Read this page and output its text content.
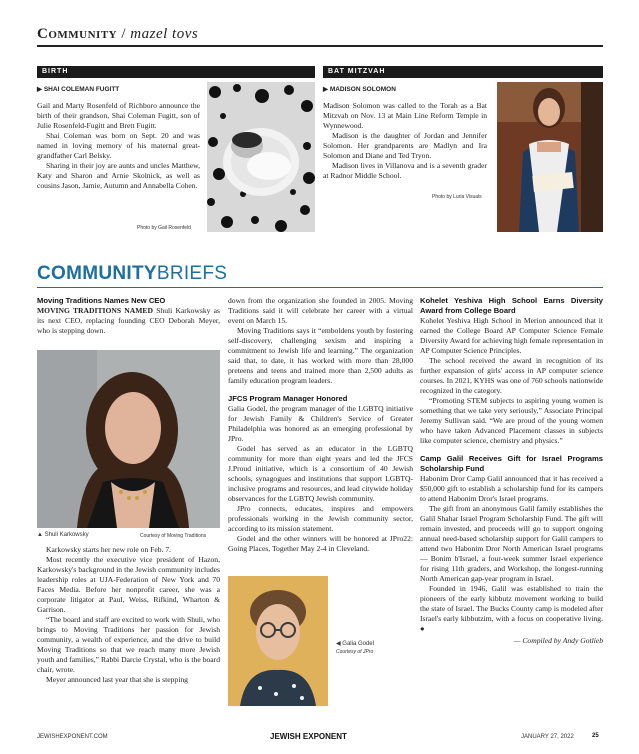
Community / mazel tovs
BIRTH
▶ SHAI COLEMAN FUGITT

Gail and Marty Rosenfeld of Richboro announce the birth of their grandson, Shai Coleman Fugitt, son of Julie Rosenfeld-Fugitt and Brett Fugitt.

Shai Coleman was born on Sept. 20 and was named in loving memory of his maternal great-grandfather Carl Belsky.

Sharing in their joy are aunts and uncles Matthew, Katy and Sharon and Arnie Skolnick, as well as cousins Jason, Jamie, Autumn and Annabella Cohen.

Photo by Gail Rosenfeld
BAT MITZVAH
▶ MADISON SOLOMON

Madison Solomon was called to the Torah as a Bat Mitzvah on Nov. 13 at Main Line Reform Temple in Wynnewood.

Madison is the daughter of Jordan and Jennifer Solomon. Her grandparents are Madlyn and Ira Solomon and Diane and Ted Tryon.

Madison lives in Villanova and is a seventh grader at Radnor Middle School.

Photo by Luria Visuals
COMMUNITYBRIEFS
Moving Traditions Names New CEO

MOVING TRADITIONS NAMED Shuli Karkowsky as its next CEO, replacing founding CEO Deborah Meyer, who is stepping down.

▲ Shuli Karkowsky	Courtesy of Moving Traditions

Karkowsky starts her new role on Feb. 7.

Most recently the executive vice president of Hazon, Karkowsky's background in the Jewish community includes leadership roles at UJA-Federation of New York and 70 Faces Media. Before her nonprofit career, she was a corporate litigator at Paul, Weiss, Rifkind, Wharton & Garrison.

“The board and staff are excited to work with Shuli, who brings to Moving Traditions her passion for Jewish community, a wealth of experience, and the drive to build Moving Traditions so that we reach many more Jewish youth and families,” Rabbi Darcie Crystal, who is the board chair, wrote.

Meyer announced last year that she is stepping

down from the organization she founded in 2005. Moving Traditions said it will celebrate her career with a virtual event on March 15.

Moving Traditions says it “emboldens youth by fostering self-discovery, challenging sexism and inspiring a commitment to Jewish life and learning.” The organization said that, to date, it has worked with more than 28,000 preteens and teens and trained more than 2,500 adults as family education program leaders.

JFCS Program Manager Honored

Galia Godel, the program manager of the LGBTQ initiative for Jewish Family & Children's Service of Greater Philadelphia was honored as an emerging professional by JPro.

Godel has served as an educator in the LGBTQ community for more than eight years and led the JFCS J.Proud initiative, which is a consortium of 40 Jewish schools, synagogues and institutions that support LGBTQ-inclusive programs and resources, and lead citywide holiday observances for the LGBTQ Jewish community.

JPro connects, educates, inspires and empowers professionals working in the Jewish community sector, according to its mission statement.

Godel and the other winners will be honored at JPro22: Going Places, Together May 2-4 in Cleveland.

◀ Galia Godel
Courtesy of JPro
Kohelet Yeshiva High School Earns Diversity Award from College Board

Kohelet Yeshiva High School in Merion announced that it earned the College Board AP Computer Science Female Diversity Award for achieving high female representation in AP Computer Science Principles.

The school received the award in recognition of its further expansion of girls' access in AP computer science courses. In 2021, KYHS was one of 760 schools nationwide recognized in the category.

“Promoting STEM subjects to aspiring young women is something that we take very seriously,” Associate Principal Jeremy Sullivan said. “We are proud of the young women who have taken Advanced Placement classes in subjects like computer science, chemistry and physics.”

Camp Galil Receives Gift for Israel Programs Scholarship Fund

Habonim Dror Camp Galil announced that it has received a $50,000 gift to establish a scholarship fund for its campers to attend Habonim Dror's Israel programs.

The gift from an anonymous Galil family establishes the Galil Shahar Israel Program Scholarship Fund. The gift will remain invested, and proceeds will go to support ongoing annual need-based scholarship support for Galil campers to attend two Habonim Dror North American Israel programs — Bonim b'Israel, a four-week summer Israel experience for rising 11th graders, and Workshop, the longest-running North American gap-year program in Israel.

Founded in 1946, Galil was established to train the pioneers of the early kibbutz movement working to build the state of Israel. The Bucks County camp is modeled after Israel's early kibbutzim, with a focus on cooperative living. ●

— Compiled by Andy Gotlieb
JEWISHEXPONENT.COM	JEWISH EXPONENT	JANUARY 27, 2022	25
